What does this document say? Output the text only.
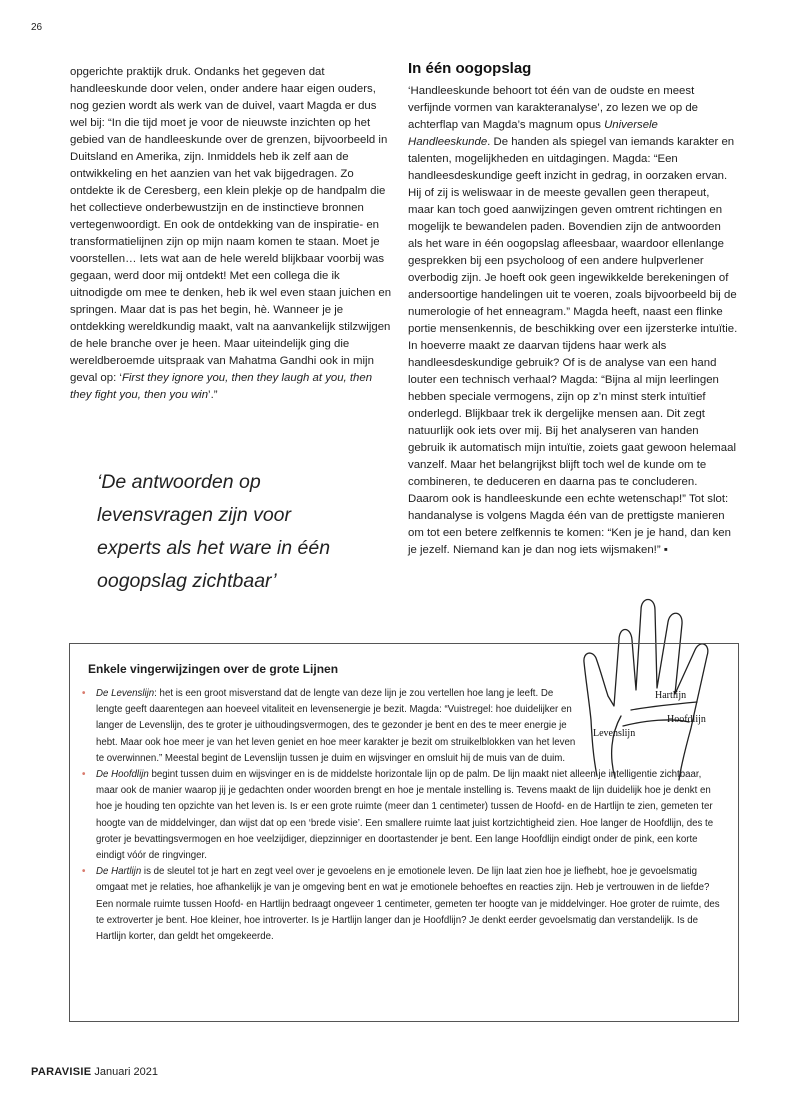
26

opgerichte praktijk druk. Ondanks het gegeven dat handleeskunde door velen, onder andere haar eigen ouders, nog gezien wordt als werk van de duivel, vaart Magda er dus wel bij: “In die tijd moet je voor de nieuwste inzichten op het gebied van de handleeskunde over de grenzen, bijvoorbeeld in Duitsland en Amerika, zijn. Inmiddels heb ik zelf aan de ontwikkeling en het aanzien van het vak bijgedragen. Zo ontdekte ik de Ceresberg, een klein plekje op de handpalm die het collectieve onderbewustzijn en de instinctieve bronnen vertegenwoordigt. En ook de ontdekking van de inspiratie- en transformatielijnen zijn op mijn naam komen te staan. Moet je voorstellen… Iets wat aan de hele wereld blijkbaar voorbij was gegaan, werd door mij ontdekt! Met een collega die ik uitnodigde om mee te denken, heb ik wel even staan juichen en springen. Maar dat is pas het begin, hè. Wanneer je je ontdekking wereldkundig maakt, valt na aanvankelijk stilzwijgen de hele branche over je heen. Maar uiteindelijk ging die wereldberoemde uitspraak van Mahatma Gandhi ook in mijn geval op: ‘First they ignore you, then they laugh at you, then they fight you, then you win’.”

‘De antwoorden op
levensvragen zijn voor
experts als het ware in één
oogopslag zichtbaar’
In één oogopslag

‘Handleeskunde behoort tot één van de oudste en meest verfijnde vormen van karakteranalyse’, zo lezen we op de achterflap van Magda’s magnum opus Universele Handleeskunde. De handen als spiegel van iemands karakter en talenten, mogelijkheden en uitdagingen. Magda: “Een handleesdeskundige geeft inzicht in gedrag, in oorzaken ervan. Hij of zij is weliswaar in de meeste gevallen geen therapeut, maar kan toch goed aanwijzingen geven omtrent richtingen en mogelijk te bewandelen paden. Bovendien zijn de antwoorden als het ware in één oogopslag afleesbaar, waardoor ellenlange gesprekken bij een psycholoog of een andere hulpverlener overbodig zijn. Je hoeft ook geen ingewikkelde berekeningen of andersoortige handelingen uit te voeren, zoals bijvoorbeeld bij de numerologie of het enneagram.” Magda heeft, naast een flinke portie mensenkennis, de beschikking over een ijzersterke intuïtie. In hoeverre maakt ze daarvan tijdens haar werk als handleesdeskundige gebruik? Of is de analyse van een hand louter een technisch verhaal? Magda: “Bijna al mijn leerlingen hebben speciale vermogens, zijn op z’n minst sterk intuïtief onderlegd. Blijkbaar trek ik dergelijke mensen aan. Dit zegt natuurlijk ook iets over mij. Bij het analyseren van handen gebruik ik automatisch mijn intuïtie, zoiets gaat gewoon helemaal vanzelf. Maar het belangrijkst blijft toch wel de kunde om te combineren, te deduceren en daarna pas te concluderen. Daarom ook is handleeskunde een echte wetenschap!” Tot slot: handanalyse is volgens Magda één van de prettigste manieren om tot een betere zelfkennis te komen: “Ken je je hand, dan ken je jezelf. Niemand kan je dan nog iets wijsmaken!” ▪

Hartlijn
Hoofdlijn
Levenslijn
Enkele vingerwijzingen over de grote Lijnen
• De Levenslijn: het is een groot misverstand dat de lengte van deze lijn je zou vertellen hoe lang je leeft. De lengte geeft daarentegen aan hoeveel vitaliteit en levensenergie je bezit. Magda: “Vuistregel: hoe duidelijker en langer de Levenslijn, des te groter je uithoudingsvermogen, des te gezonder je bent en des te meer energie je hebt. Maar ook hoe meer je van het leven geniet en hoe meer karakter je bezit om struikelblokken van het leven te overwinnen.” Meestal begint de Levenslijn tussen je duim en wijsvinger en omsluit hij de muis van de duim.
• De Hoofdlijn begint tussen duim en wijsvinger en is de middelste horizontale lijn op de palm. De lijn maakt niet alleen je intelligentie zichtbaar, maar ook de manier waarop jij je gedachten onder woorden brengt en hoe je mentale instelling is. Tevens maakt de lijn duidelijk hoe je denkt en hoe je houding ten opzichte van het leven is. Is er een grote ruimte (meer dan 1 centimeter) tussen de Hoofd- en de Hartlijn te zien, gemeten ter hoogte van de middelvinger, dan wijst dat op een ‘brede visie’. Een smallere ruimte laat juist kortzichtigheid zien. Hoe langer de Hoofdlijn, des te groter je bevattingsvermogen en hoe veelzijdiger, diepzinniger en doortastender je bent. Een lange Hoofdlijn eindigt onder de pink, een korte eindigt vóór de ringvinger.
• De Hartlijn is de sleutel tot je hart en zegt veel over je gevoelens en je emotionele leven. De lijn laat zien hoe je liefhebt, hoe je gevoelsmatig omgaat met je relaties, hoe afhankelijk je van je omgeving bent en wat je emotionele behoeftes en reacties zijn. Heb je vertrouwen in de liefde? Een normale ruimte tussen Hoofd- en Hartlijn bedraagt ongeveer 1 centimeter, gemeten ter hoogte van je middelvinger. Hoe groter de ruimte, des te extroverter je bent. Hoe kleiner, hoe introverter. Is je Hartlijn langer dan je Hoofdlijn? Je denkt eerder gevoelsmatig dan verstandelijk. Is de Hartlijn korter, dan geldt het omgekeerde.
PARAVISIE Januari 2021
